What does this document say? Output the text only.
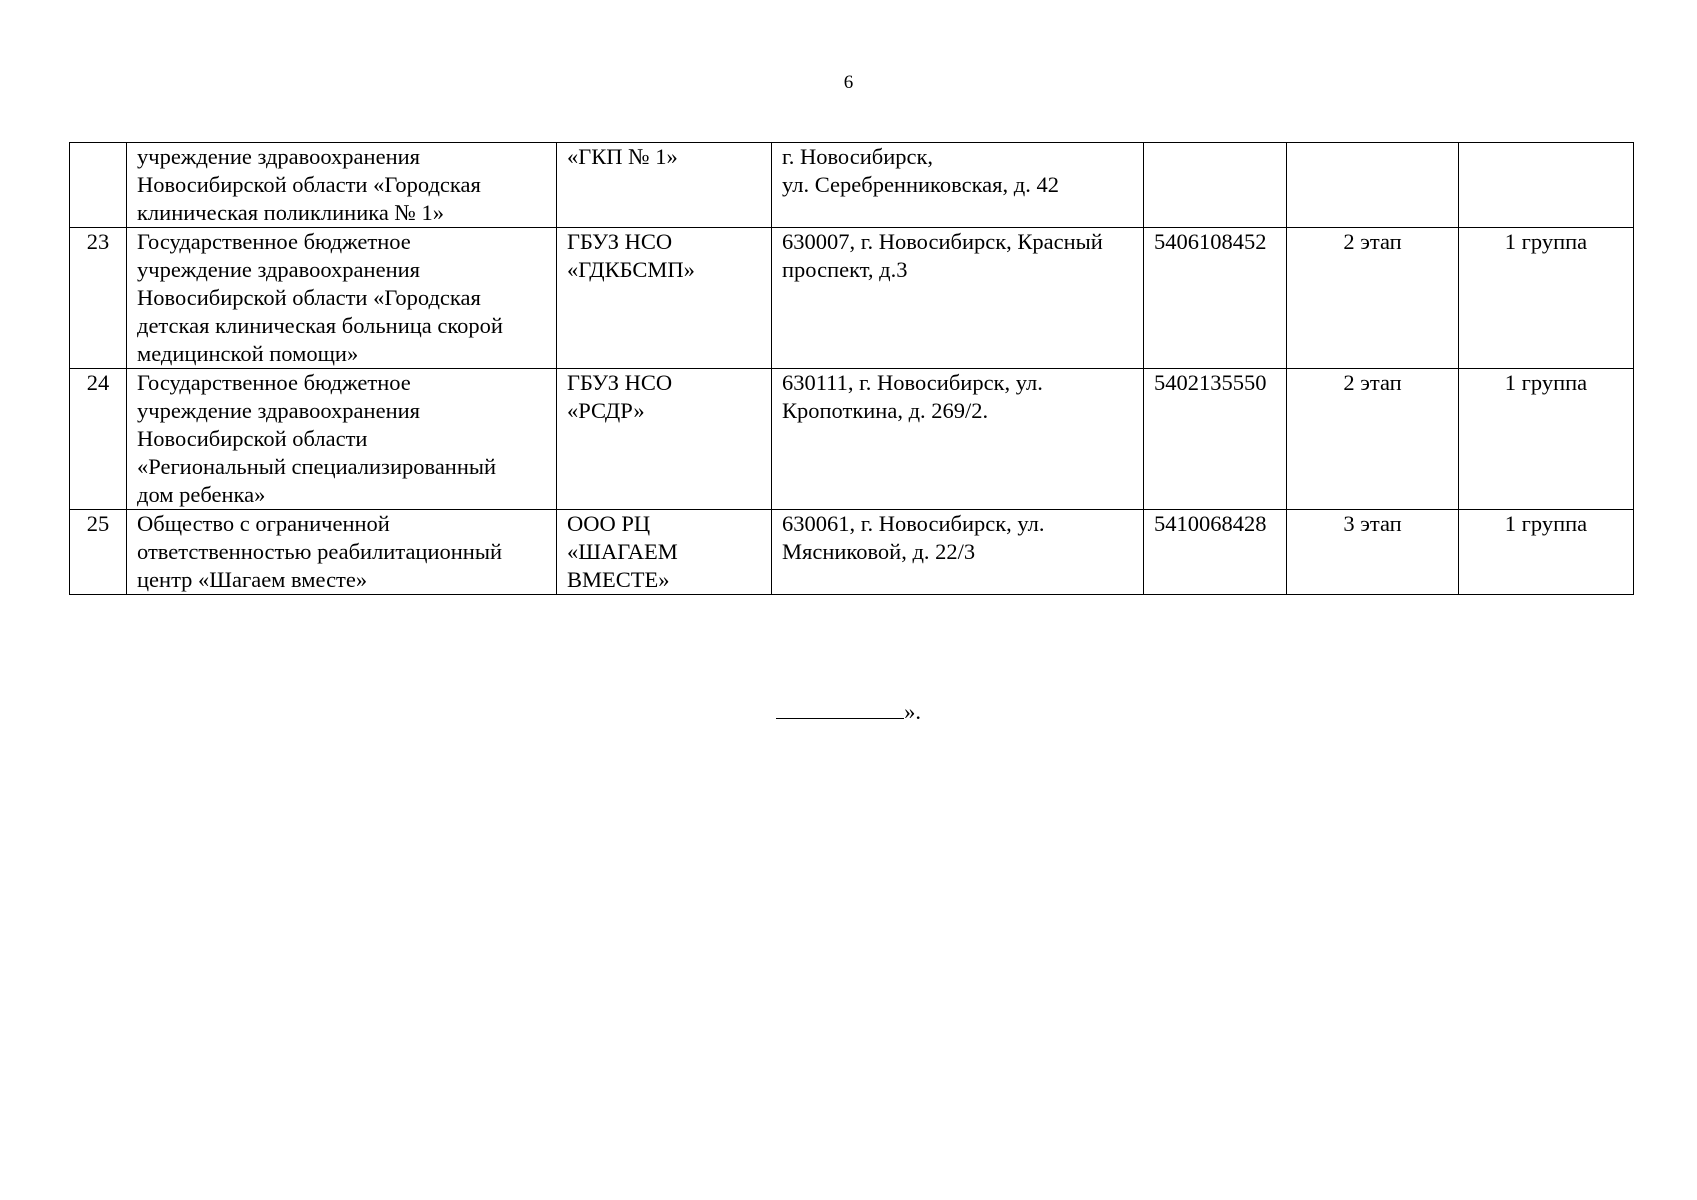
6

	учреждение здравоохранения
Новосибирской области «Городская
клиническая поликлиника № 1»	«ГКП № 1»	г. Новосибирск,
ул. Серебренниковская, д. 42			

23	Государственное бюджетное
учреждение здравоохранения
Новосибирской области «Городская
детская клиническая больница скорой
медицинской помощи»	ГБУЗ НСО
«ГДКБСМП»	630007, г. Новосибирск, Красный
проспект, д.3	5406108452	2 этап	1 группа
24	Государственное бюджетное
учреждение здравоохранения
Новосибирской области
«Региональный специализированный
дом ребенка»	ГБУЗ НСО
«РСДР»	630111, г. Новосибирск, ул.
Кропоткина, д. 269/2.	5402135550	2 этап	1 группа
25	Общество с ограниченной
ответственностью реабилитационный
центр «Шагаем вместе»	ООО РЦ
«ШАГАЕМ
ВМЕСТЕ»	630061, г. Новосибирск, ул.
Мясниковой, д. 22/3	5410068428	3 этап	1 группа
».
